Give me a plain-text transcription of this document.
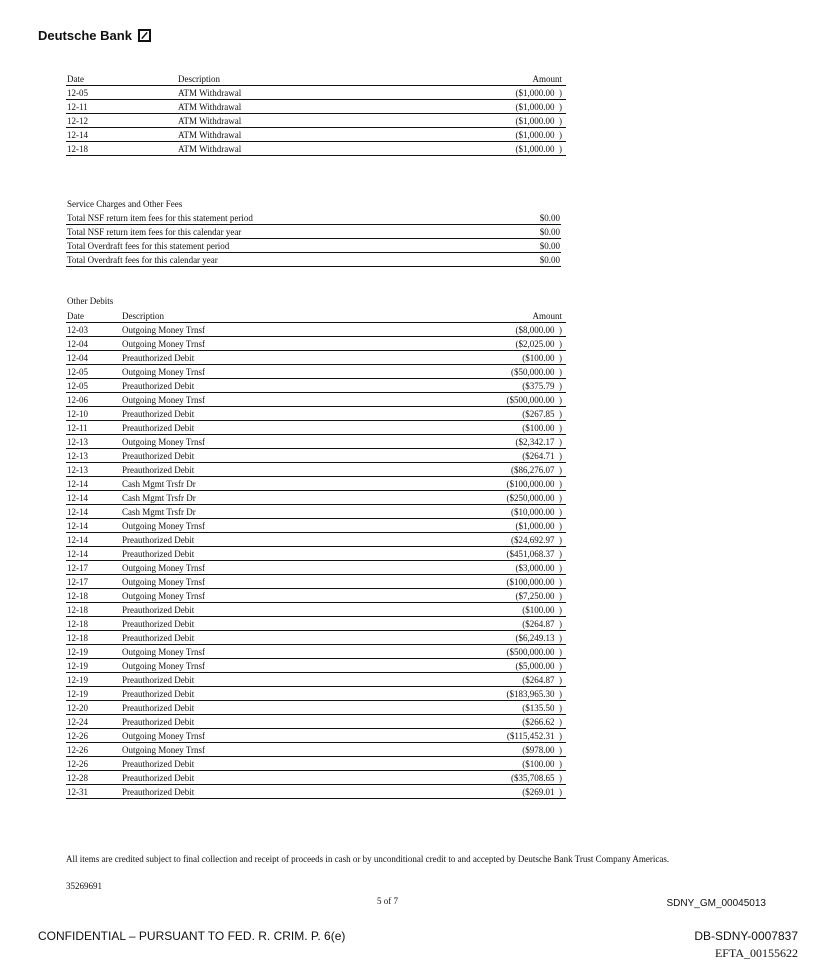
Deutsche Bank
Date	Description	Amount
12-05	ATM Withdrawal	($1,000.00  )
12-11	ATM Withdrawal	($1,000.00  )
12-12	ATM Withdrawal	($1,000.00  )
12-14	ATM Withdrawal	($1,000.00  )
12-18	ATM Withdrawal	($1,000.00  )
Service Charges and Other Fees
Total NSF return item fees for this statement period	$0.00
Total NSF return item fees for this calendar year	$0.00
Total Overdraft fees for this statement period	$0.00
Total Overdraft fees for this calendar year	$0.00
Other Debits
Date	Description	Amount
12-03	Outgoing Money Trnsf	($8,000.00  )
12-04	Outgoing Money Trnsf	($2,025.00  )
12-04	Preauthorized Debit	($100.00  )
12-05	Outgoing Money Trnsf	($50,000.00  )
12-05	Preauthorized Debit	($375.79  )
12-06	Outgoing Money Trnsf	($500,000.00  )
12-10	Preauthorized Debit	($267.85  )
12-11	Preauthorized Debit	($100.00  )
12-13	Outgoing Money Trnsf	($2,342.17  )
12-13	Preauthorized Debit	($264.71  )
12-13	Preauthorized Debit	($86,276.07  )
12-14	Cash Mgmt Trsfr Dr	($100,000.00  )
12-14	Cash Mgmt Trsfr Dr	($250,000.00  )
12-14	Cash Mgmt Trsfr Dr	($10,000.00  )
12-14	Outgoing Money Trnsf	($1,000.00  )
12-14	Preauthorized Debit	($24,692.97  )
12-14	Preauthorized Debit	($451,068.37  )
12-17	Outgoing Money Trnsf	($3,000.00  )
12-17	Outgoing Money Trnsf	($100,000.00  )
12-18	Outgoing Money Trnsf	($7,250.00  )
12-18	Preauthorized Debit	($100.00  )
12-18	Preauthorized Debit	($264.87  )
12-18	Preauthorized Debit	($6,249.13  )
12-19	Outgoing Money Trnsf	($500,000.00  )
12-19	Outgoing Money Trnsf	($5,000.00  )
12-19	Preauthorized Debit	($264.87  )
12-19	Preauthorized Debit	($183,965.30  )
12-20	Preauthorized Debit	($135.50  )
12-24	Preauthorized Debit	($266.62  )
12-26	Outgoing Money Trnsf	($115,452.31  )
12-26	Outgoing Money Trnsf	($978.00  )
12-26	Preauthorized Debit	($100.00  )
12-28	Preauthorized Debit	($35,708.65  )
12-31	Preauthorized Debit	($269.01  )
All items are credited subject to final collection and receipt of proceeds in cash or by unconditional credit to and accepted by Deutsche Bank Trust Company Americas.
35269691
5 of 7	SDNY_GM_00045013
CONFIDENTIAL – PURSUANT TO FED. R. CRIM. P. 6(e)	DB-SDNY-0007837
EFTA_00155622
